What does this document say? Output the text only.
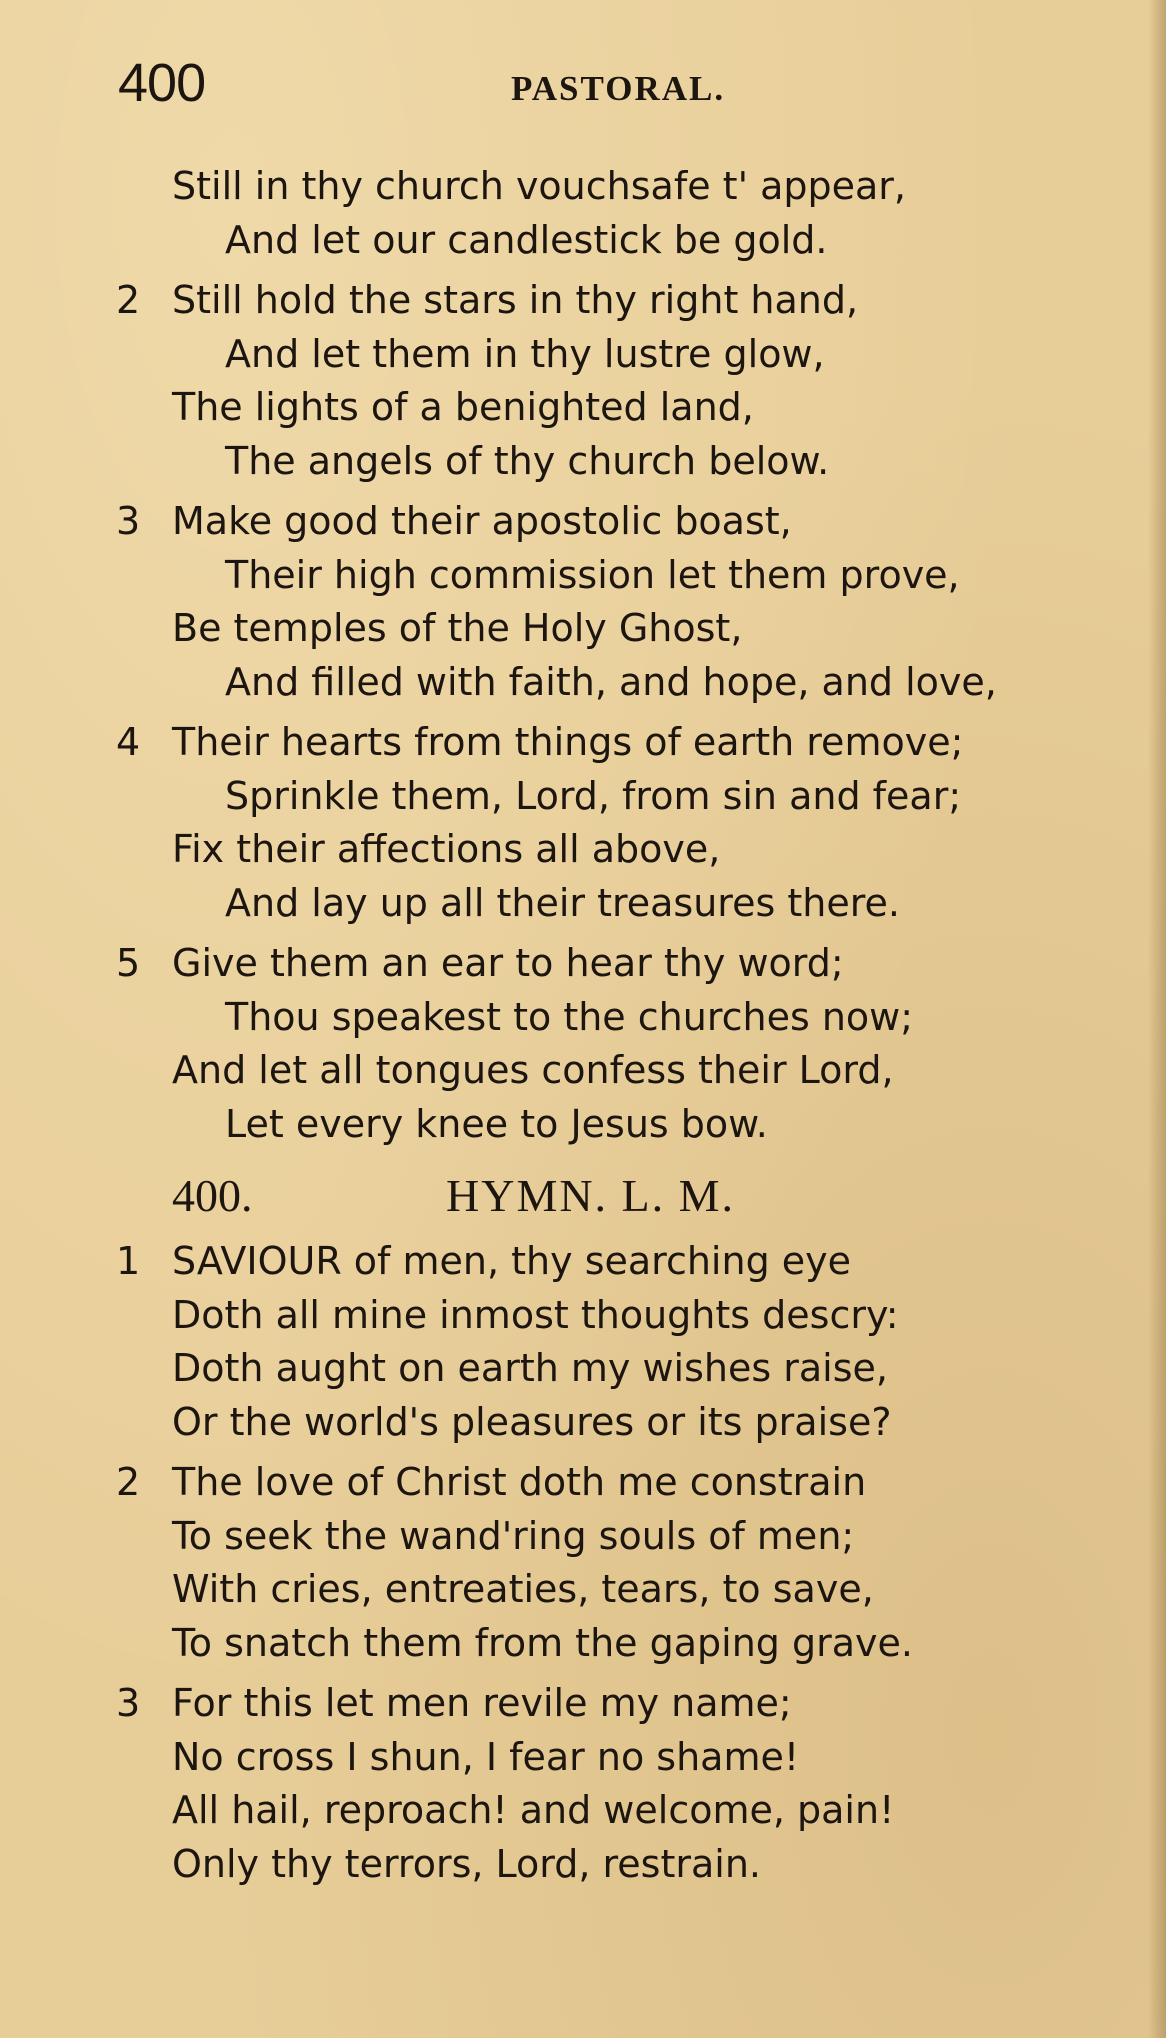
400	PASTORAL.
Still in thy church vouchsafe t' appear,
And let our candlestick be gold.
2 Still hold the stars in thy right hand,
And let them in thy lustre glow,
The lights of a benighted land,
The angels of thy church below.
3 Make good their apostolic boast,
Their high commission let them prove,
Be temples of the Holy Ghost,
And filled with faith, and hope, and love,
4 Their hearts from things of earth remove;
Sprinkle them, Lord, from sin and fear;
Fix their affections all above,
And lay up all their treasures there.
5 Give them an ear to hear thy word;
Thou speakest to the churches now;
And let all tongues confess their Lord,
Let every knee to Jesus bow.
400.	HYMN. L. M.
1 SAVIOUR of men, thy searching eye
Doth all mine inmost thoughts descry:
Doth aught on earth my wishes raise,
Or the world's pleasures or its praise?
2 The love of Christ doth me constrain
To seek the wand'ring souls of men;
With cries, entreaties, tears, to save,
To snatch them from the gaping grave.
3 For this let men revile my name;
No cross I shun, I fear no shame!
All hail, reproach! and welcome, pain!
Only thy terrors, Lord, restrain.
